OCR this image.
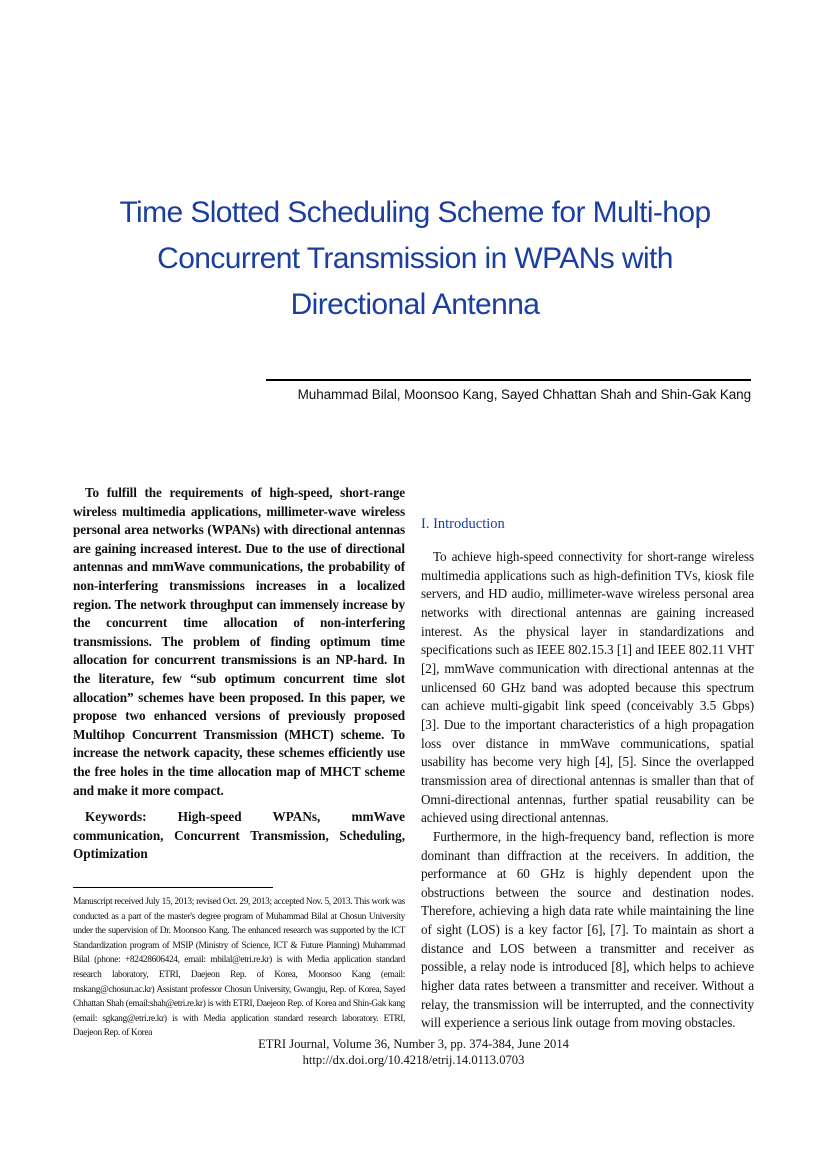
Time Slotted Scheduling Scheme for Multi-hop
Concurrent Transmission in WPANs with
Directional Antenna
Muhammad Bilal, Moonsoo Kang, Sayed Chhattan Shah and Shin-Gak Kang

To fulfill the requirements of high-speed, short-range wireless multimedia applications, millimeter-wave wireless personal area networks (WPANs) with directional antennas are gaining increased interest. Due to the use of directional antennas and mmWave communications, the probability of non-interfering transmissions increases in a localized region. The network throughput can immensely increase by the concurrent time allocation of non-interfering transmissions. The problem of finding optimum time allocation for concurrent transmissions is an NP-hard. In the literature, few “sub optimum concurrent time slot allocation” schemes have been proposed. In this paper, we propose two enhanced versions of previously proposed Multihop Concurrent Transmission (MHCT) scheme. To increase the network capacity, these schemes efficiently use the free holes in the time allocation map of MHCT scheme and make it more compact.

Keywords: High-speed WPANs, mmWave communication, Concurrent Transmission, Scheduling, Optimization

Manuscript received July 15, 2013; revised Oct. 29, 2013; accepted Nov. 5, 2013. This work was conducted as a part of the master's degree program of Muhammad Bilal at Chosun University under the supervision of Dr. Moonsoo Kang. The enhanced research was supported by the ICT Standardization program of MSIP (Ministry of Science, ICT & Future Planning) Muhammad Bilal (phone: +82428606424, email: mbilal@etri.re.kr) is with Media application standard research laboratory, ETRI, Daejeon Rep. of Korea, Moonsoo Kang (email: mskang@chosun.ac.kr) Assistant professor Chosun University, Gwangju, Rep. of Korea, Sayed Chhattan Shah (email:shah@etri.re.kr) is with ETRI, Daejeon Rep. of Korea and Shin-Gak kang (email: sgkang@etri.re.kr) is with Media application standard research laboratory. ETRI, Daejeon Rep. of Korea

I. Introduction

To achieve high-speed connectivity for short-range wireless multimedia applications such as high-definition TVs, kiosk file servers, and HD audio, millimeter-wave wireless personal area networks with directional antennas are gaining increased interest. As the physical layer in standardizations and specifications such as IEEE 802.15.3 [1] and IEEE 802.11 VHT [2], mmWave communication with directional antennas at the unlicensed 60 GHz band was adopted because this spectrum can achieve multi-gigabit link speed (conceivably 3.5 Gbps) [3]. Due to the important characteristics of a high propagation loss over distance in mmWave communications, spatial usability has become very high [4], [5]. Since the overlapped transmission area of directional antennas is smaller than that of Omni-directional antennas, further spatial reusability can be achieved using directional antennas.

Furthermore, in the high-frequency band, reflection is more dominant than diffraction at the receivers. In addition, the performance at 60 GHz is highly dependent upon the obstructions between the source and destination nodes. Therefore, achieving a high data rate while maintaining the line of sight (LOS) is a key factor [6], [7]. To maintain as short a distance and LOS between a transmitter and receiver as possible, a relay node is introduced [8], which helps to achieve higher data rates between a transmitter and receiver. Without a relay, the transmission will be interrupted, and the connectivity will experience a serious link outage from moving obstacles.

ETRI Journal, Volume 36, Number 3, pp. 374-384, June 2014
http://dx.doi.org/10.4218/etrij.14.0113.0703
